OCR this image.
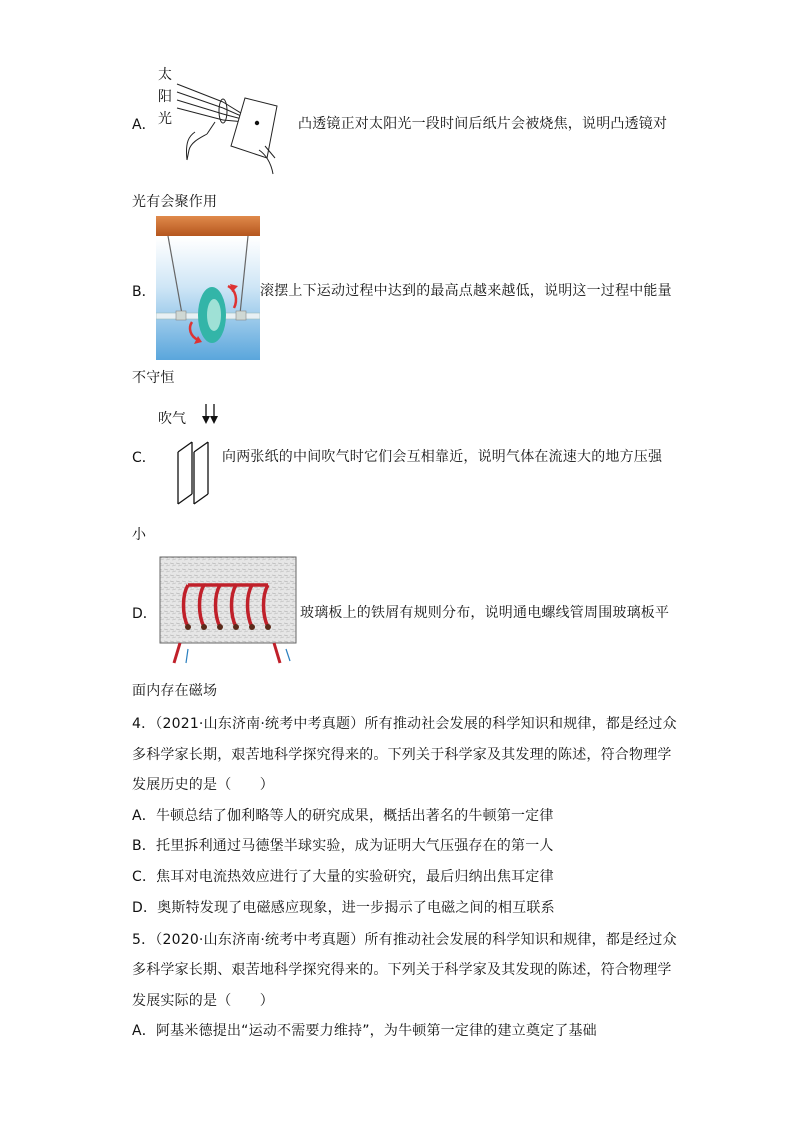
A．
太
阳
光	凸透镜正对太阳光一段时间后纸片会被烧焦，说明凸透镜对
光有会聚作用
B．	滚摆上下运动过程中达到的最高点越来越低，说明这一过程中能量
不守恒
C．
吹气
向两张纸的中间吹气时它们会互相靠近，说明气体在流速大的地方压强
小
D．	玻璃板上的铁屑有规则分布，说明通电螺线管周围玻璃板平
面内存在磁场
4．（2021·山东济南·统考中考真题）所有推动社会发展的科学知识和规律，都是经过众
多科学家长期，艰苦地科学探究得来的。下列关于科学家及其发理的陈述，符合物理学
发展历史的是（　　）
A．牛顿总结了伽利略等人的研究成果，概括出著名的牛顿第一定律
B．托里拆利通过马德堡半球实验，成为证明大气压强存在的第一人
C．焦耳对电流热效应进行了大量的实验研究，最后归纳出焦耳定律
D．奥斯特发现了电磁感应现象，进一步揭示了电磁之间的相互联系
5．（2020·山东济南·统考中考真题）所有推动社会发展的科学知识和规律，都是经过众
多科学家长期、艰苦地科学探究得来的。下列关于科学家及其发现的陈述，符合物理学
发展实际的是（　　）
A．阿基米德提出“运动不需要力维持”，为牛顿第一定律的建立奠定了基础
